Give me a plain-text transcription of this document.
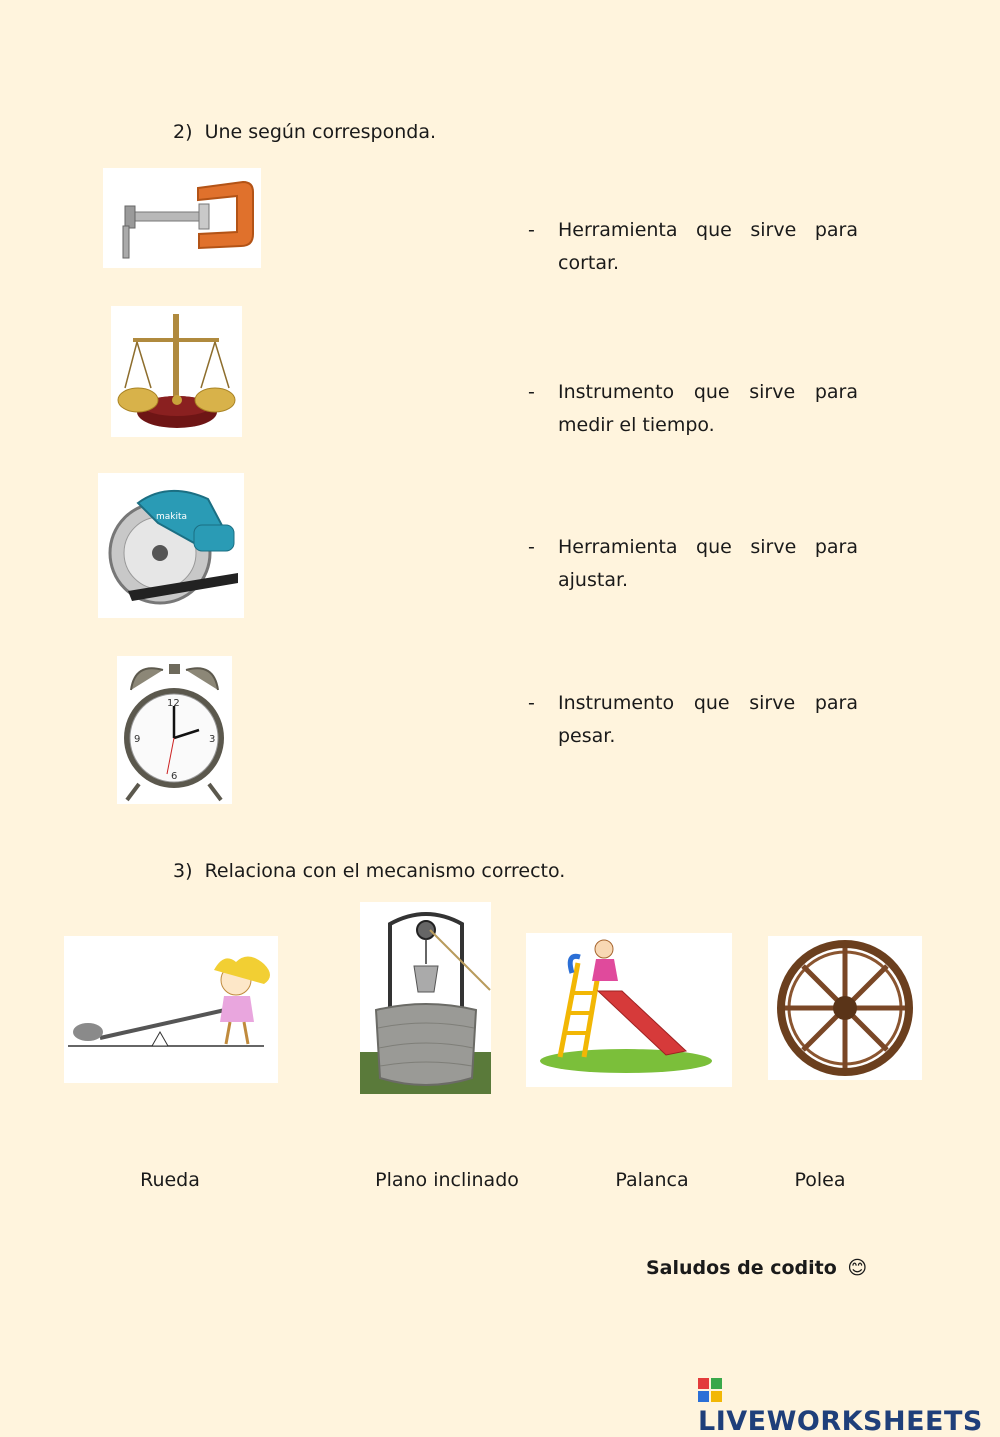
2) Une según corresponda.
makita
12
3
6
9
- Herramienta que sirve para
cortar.
- Instrumento que sirve para
medir el tiempo.
- Herramienta que sirve para
ajustar.
- Instrumento que sirve para
pesar.
3) Relaciona con el mecanismo correcto.
Rueda	Plano inclinado	Palanca	Polea
Saludos de codito 😊
LIVEWORKSHEETS
